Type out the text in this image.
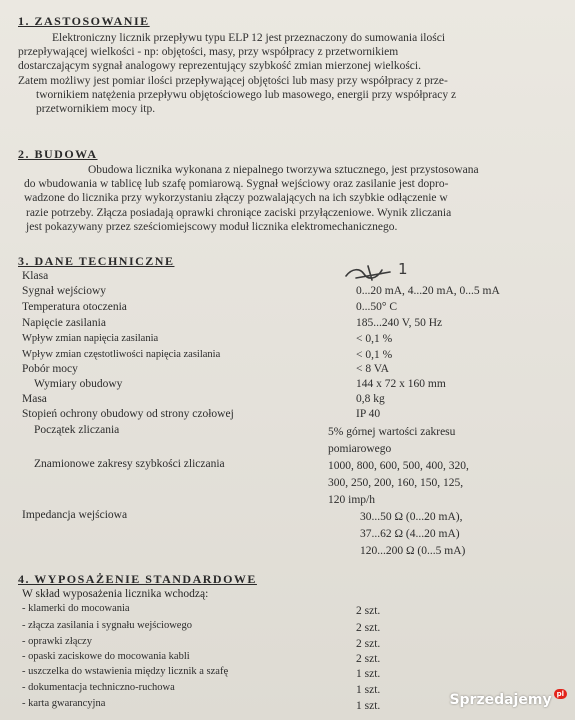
1. ZASTOSOWANIE
Elektroniczny licznik przepływu typu ELP 12 jest przeznaczony do sumowania ilości
przepływającej wielkości - np: objętości, masy, przy współpracy z przetwornikiem
dostarczającym sygnał analogowy reprezentujący szybkość zmian mierzonej wielkości.
Zatem możliwy jest pomiar ilości przepływającej objętości lub masy przy współpracy z prze-
twornikiem natężenia przepływu objętościowego lub masowego, energii przy współpracy z
przetwornikiem mocy itp.
2. BUDOWA
Obudowa licznika wykonana z niepalnego tworzywa sztucznego, jest przystosowana
do wbudowania w tablicę lub szafę pomiarową. Sygnał wejściowy oraz zasilanie jest dopro-
wadzone do licznika przy wykorzystaniu złączy pozwalających na ich szybkie odłączenie w
razie potrzeby. Złącza posiadają oprawki chroniące zaciski przyłączeniowe. Wynik zliczania
jest pokazywany przez sześciomiejscowy moduł licznika elektromechanicznego.
3. DANE TECHNICZNE	1
Klasa
Sygnał wejściowy	0...20 mA, 4...20 mA, 0...5 mA
Temperatura otoczenia	0...50° C
Napięcie zasilania	185...240 V, 50 Hz
Wpływ zmian napięcia zasilania	< 0,1 %
Wpływ zmian częstotliwości napięcia zasilania	< 0,1 %
Pobór mocy	< 8 VA
Wymiary obudowy	144 x 72 x 160 mm
Masa	0,8 kg
Stopień ochrony obudowy od strony czołowej	IP 40
Początek zliczania	5% górnej wartości zakresu
pomiarowego
Znamionowe zakresy szybkości zliczania	1000, 800, 600, 500, 400, 320,
300, 250, 200, 160, 150, 125,
120 imp/h
Impedancja wejściowa	30...50 Ω (0...20 mA),
37...62 Ω (4...20 mA)
120...200 Ω (0...5 mA)
4. WYPOSAŻENIE STANDARDOWE
W skład wyposażenia licznika wchodzą:
- klamerki do mocowania	2 szt.
- złącza zasilania i sygnału wejściowego	2 szt.
- oprawki złączy	2 szt.
- opaski zaciskowe do mocowania kabli	2 szt.
- uszczelka do wstawienia między licznik a szafę	1 szt.
- dokumentacja techniczno-ruchowa	1 szt.
- karta gwarancyjna	1 szt.	Sprzedajemy pl
